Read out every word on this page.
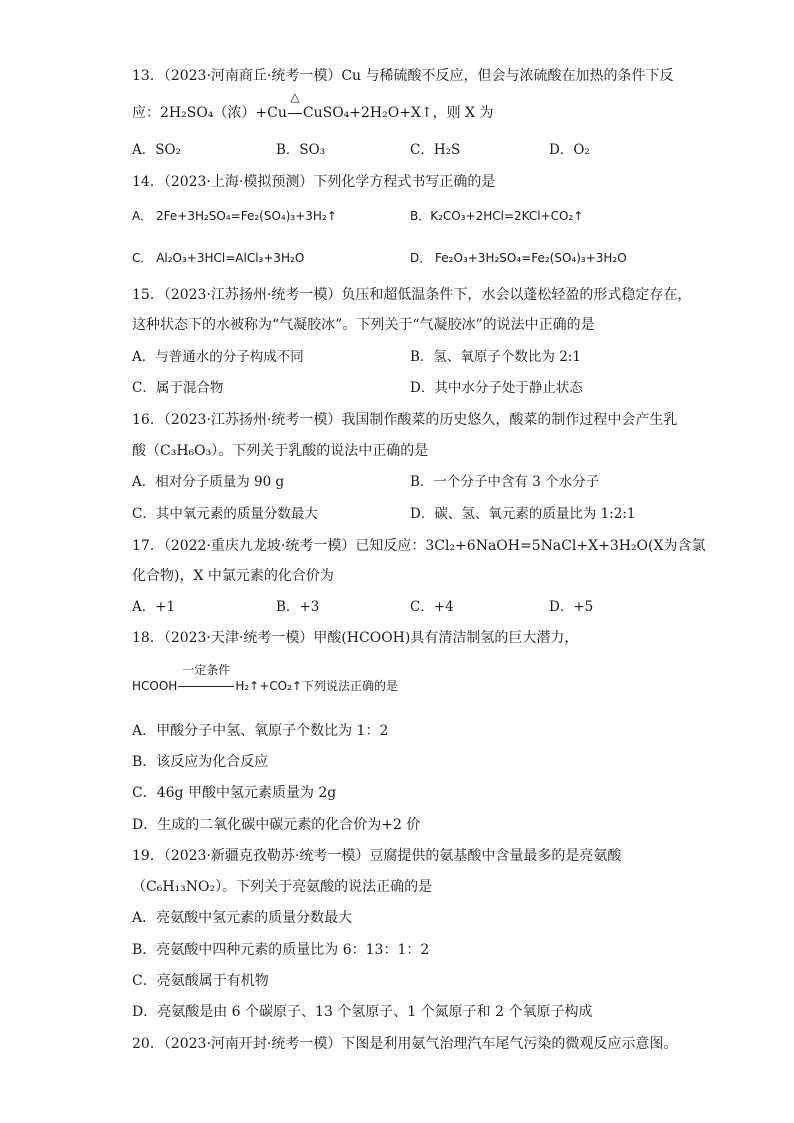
13．（2023·河南商丘·统考一模）Cu 与稀硫酸不反应，但会与浓硫酸在加热的条件下反
应：2H₂SO₄（浓）+Cu
△
CuSO₄+2H₂O+X↑，则 X 为
A．SO₂	B．SO₃	C．H₂S	D．O₂
14．（2023·上海·模拟预测）下列化学方程式书写正确的是
A． 2Fe+3H₂SO₄=Fe₂(SO₄)₃+3H₂↑	B．K₂CO₃+2HCl=2KCl+CO₂↑
C． Al₂O₃+3HCl=AlCl₃+3H₂O	D． Fe₂O₃+3H₂SO₄=Fe₂(SO₄)₃+3H₂O
15．（2023·江苏扬州·统考一模）负压和超低温条件下，水会以蓬松轻盈的形式稳定存在，
这种状态下的水被称为“气凝胶冰”。下列关于“气凝胶冰”的说法中正确的是
A．与普通水的分子构成不同	B．氢、氧原子个数比为 2:1
C．属于混合物	D．其中水分子处于静止状态
16．（2023·江苏扬州·统考一模）我国制作酸菜的历史悠久，酸菜的制作过程中会产生乳
酸（C₃H₆O₃）。下列关于乳酸的说法中正确的是
A．相对分子质量为 90 g	B．一个分子中含有 3 个水分子
C．其中氧元素的质量分数最大	D．碳、氢、氧元素的质量比为 1:2:1
17．（2022·重庆九龙坡·统考一模）已知反应：3Cl₂+6NaOH=5NaCl+X+3H₂O(X为含氯
化合物)，X 中氯元素的化合价为
A．+1	B．+3	C．+4	D．+5
18．（2023·天津·统考一模）甲酸(HCOOH)具有清洁制氢的巨大潜力，
HCOOH
一定条件
H₂↑+CO₂↑下列说法正确的是
A．甲酸分子中氢、氧原子个数比为 1：2
B．该反应为化合反应
C．46g 甲酸中氢元素质量为 2g
D．生成的二氧化碳中碳元素的化合价为+2 价
19．（2023·新疆克孜勒苏·统考一模）豆腐提供的氨基酸中含量最多的是亮氨酸
（C₆H₁₃NO₂）。下列关于亮氨酸的说法正确的是
A．亮氨酸中氢元素的质量分数最大
B．亮氨酸中四种元素的质量比为 6：13：1：2
C．亮氨酸属于有机物
D．亮氨酸是由 6 个碳原子、13 个氢原子、1 个氮原子和 2 个氧原子构成
20．（2023·河南开封·统考一模）下图是利用氨气治理汽车尾气污染的微观反应示意图。
